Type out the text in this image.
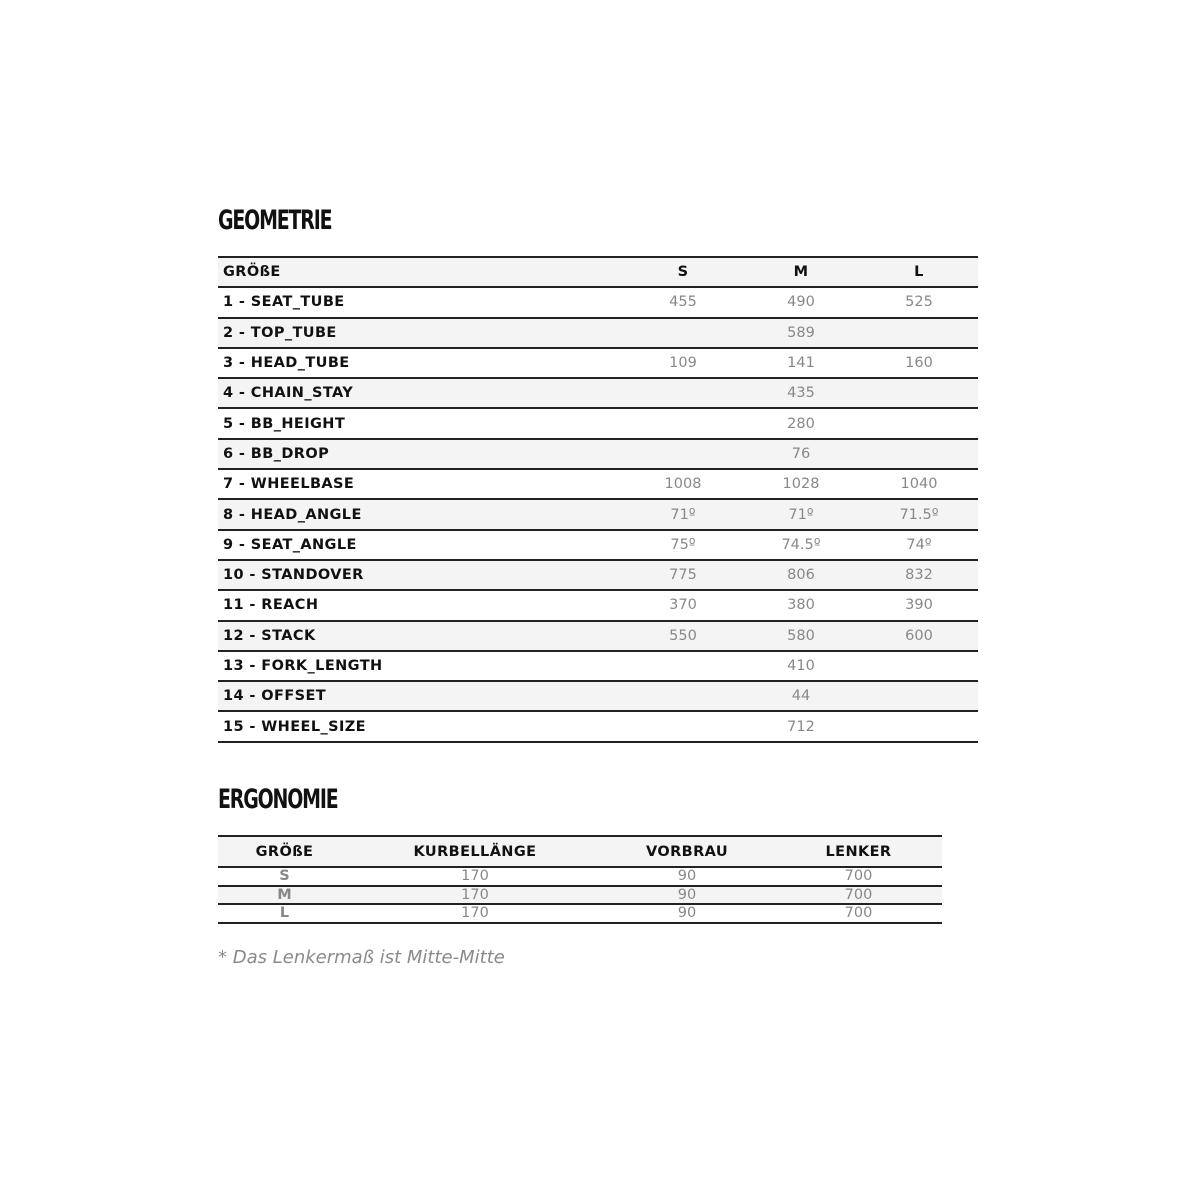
GEOMETRIE
GRÖßE	S	M	L
1 - SEAT_TUBE	455	490	525
2 - TOP_TUBE	589		
3 - HEAD_TUBE	109	141	160
4 - CHAIN_STAY	435		
5 - BB_HEIGHT	280		
6 - BB_DROP	76		
7 - WHEELBASE	1008	1028	1040
8 - HEAD_ANGLE	71º	71º	71.5º
9 - SEAT_ANGLE	75º	74.5º	74º
10 - STANDOVER	775	806	832
11 - REACH	370	380	390
12 - STACK	550	580	600
13 - FORK_LENGTH	410		
14 - OFFSET	44		
15 - WHEEL_SIZE	712		
ERGONOMIE
GRÖßE	KURBELLÄNGE	VORBRAU	LENKER
S	170	90	700
M	170	90	700
L	170	90	700

* Das Lenkermaß ist Mitte-Mitte
